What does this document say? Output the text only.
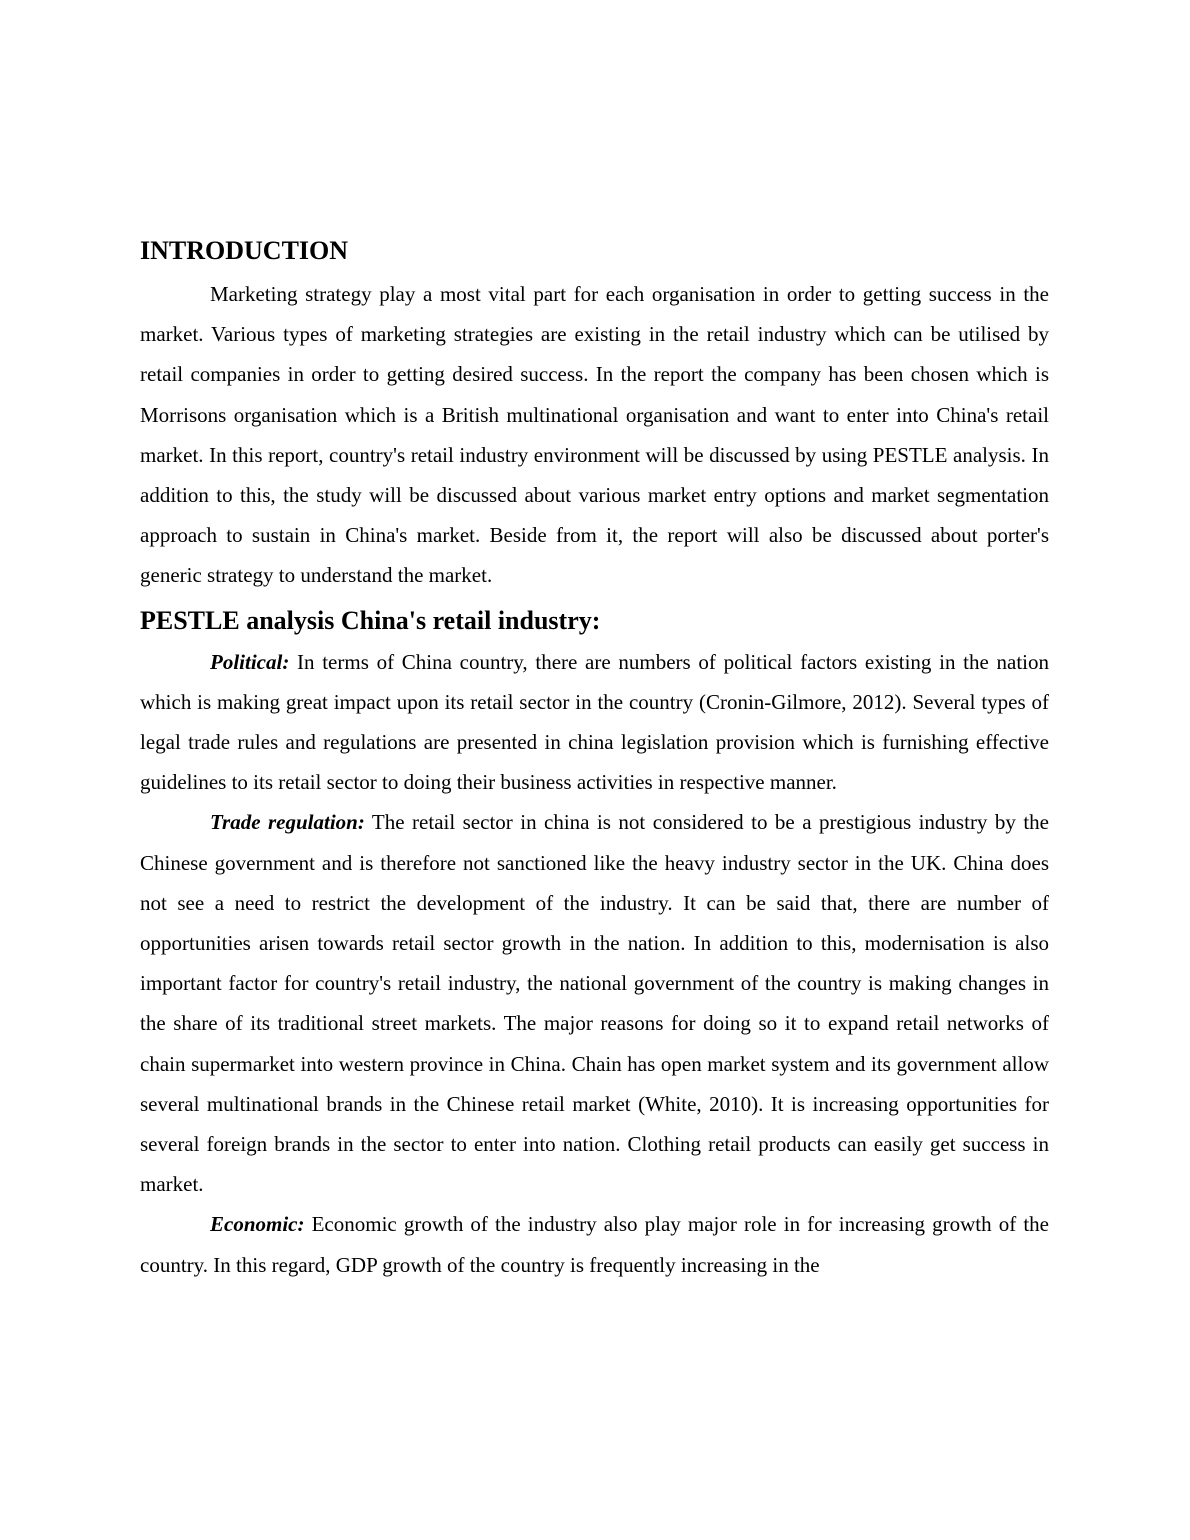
INTRODUCTION

Marketing strategy play a most vital part for each organisation in order to getting success in the market. Various types of marketing strategies are existing in the retail industry which can be utilised by retail companies in order to getting desired success. In the report the company has been chosen which is Morrisons organisation which is a British multinational organisation and want to enter into China's retail market. In this report, country's retail industry environment will be discussed by using PESTLE analysis. In addition to this, the study will be discussed about various market entry options and market segmentation approach to sustain in China's market. Beside from it, the report will also be discussed about porter's generic strategy to understand the market.

PESTLE analysis China's retail industry:

Political: In terms of China country, there are numbers of political factors existing in the nation which is making great impact upon its retail sector in the country (Cronin-Gilmore, 2012). Several types of legal trade rules and regulations are presented in china legislation provision which is furnishing effective guidelines to its retail sector to doing their business activities in respective manner.

Trade regulation: The retail sector in china is not considered to be a prestigious industry by the Chinese government and is therefore not sanctioned like the heavy industry sector in the UK. China does not see a need to restrict the development of the industry. It can be said that, there are number of opportunities arisen towards retail sector growth in the nation. In addition to this, modernisation is also important factor for country's retail industry, the national government of the country is making changes in the share of its traditional street markets. The major reasons for doing so it to expand retail networks of chain supermarket into western province in China. Chain has open market system and its government allow several multinational brands in the Chinese retail market (White, 2010). It is increasing opportunities for several foreign brands in the sector to enter into nation. Clothing retail products can easily get success in market.

Economic: Economic growth of the industry also play major role in for increasing growth of the country. In this regard, GDP growth of the country is frequently increasing in the
